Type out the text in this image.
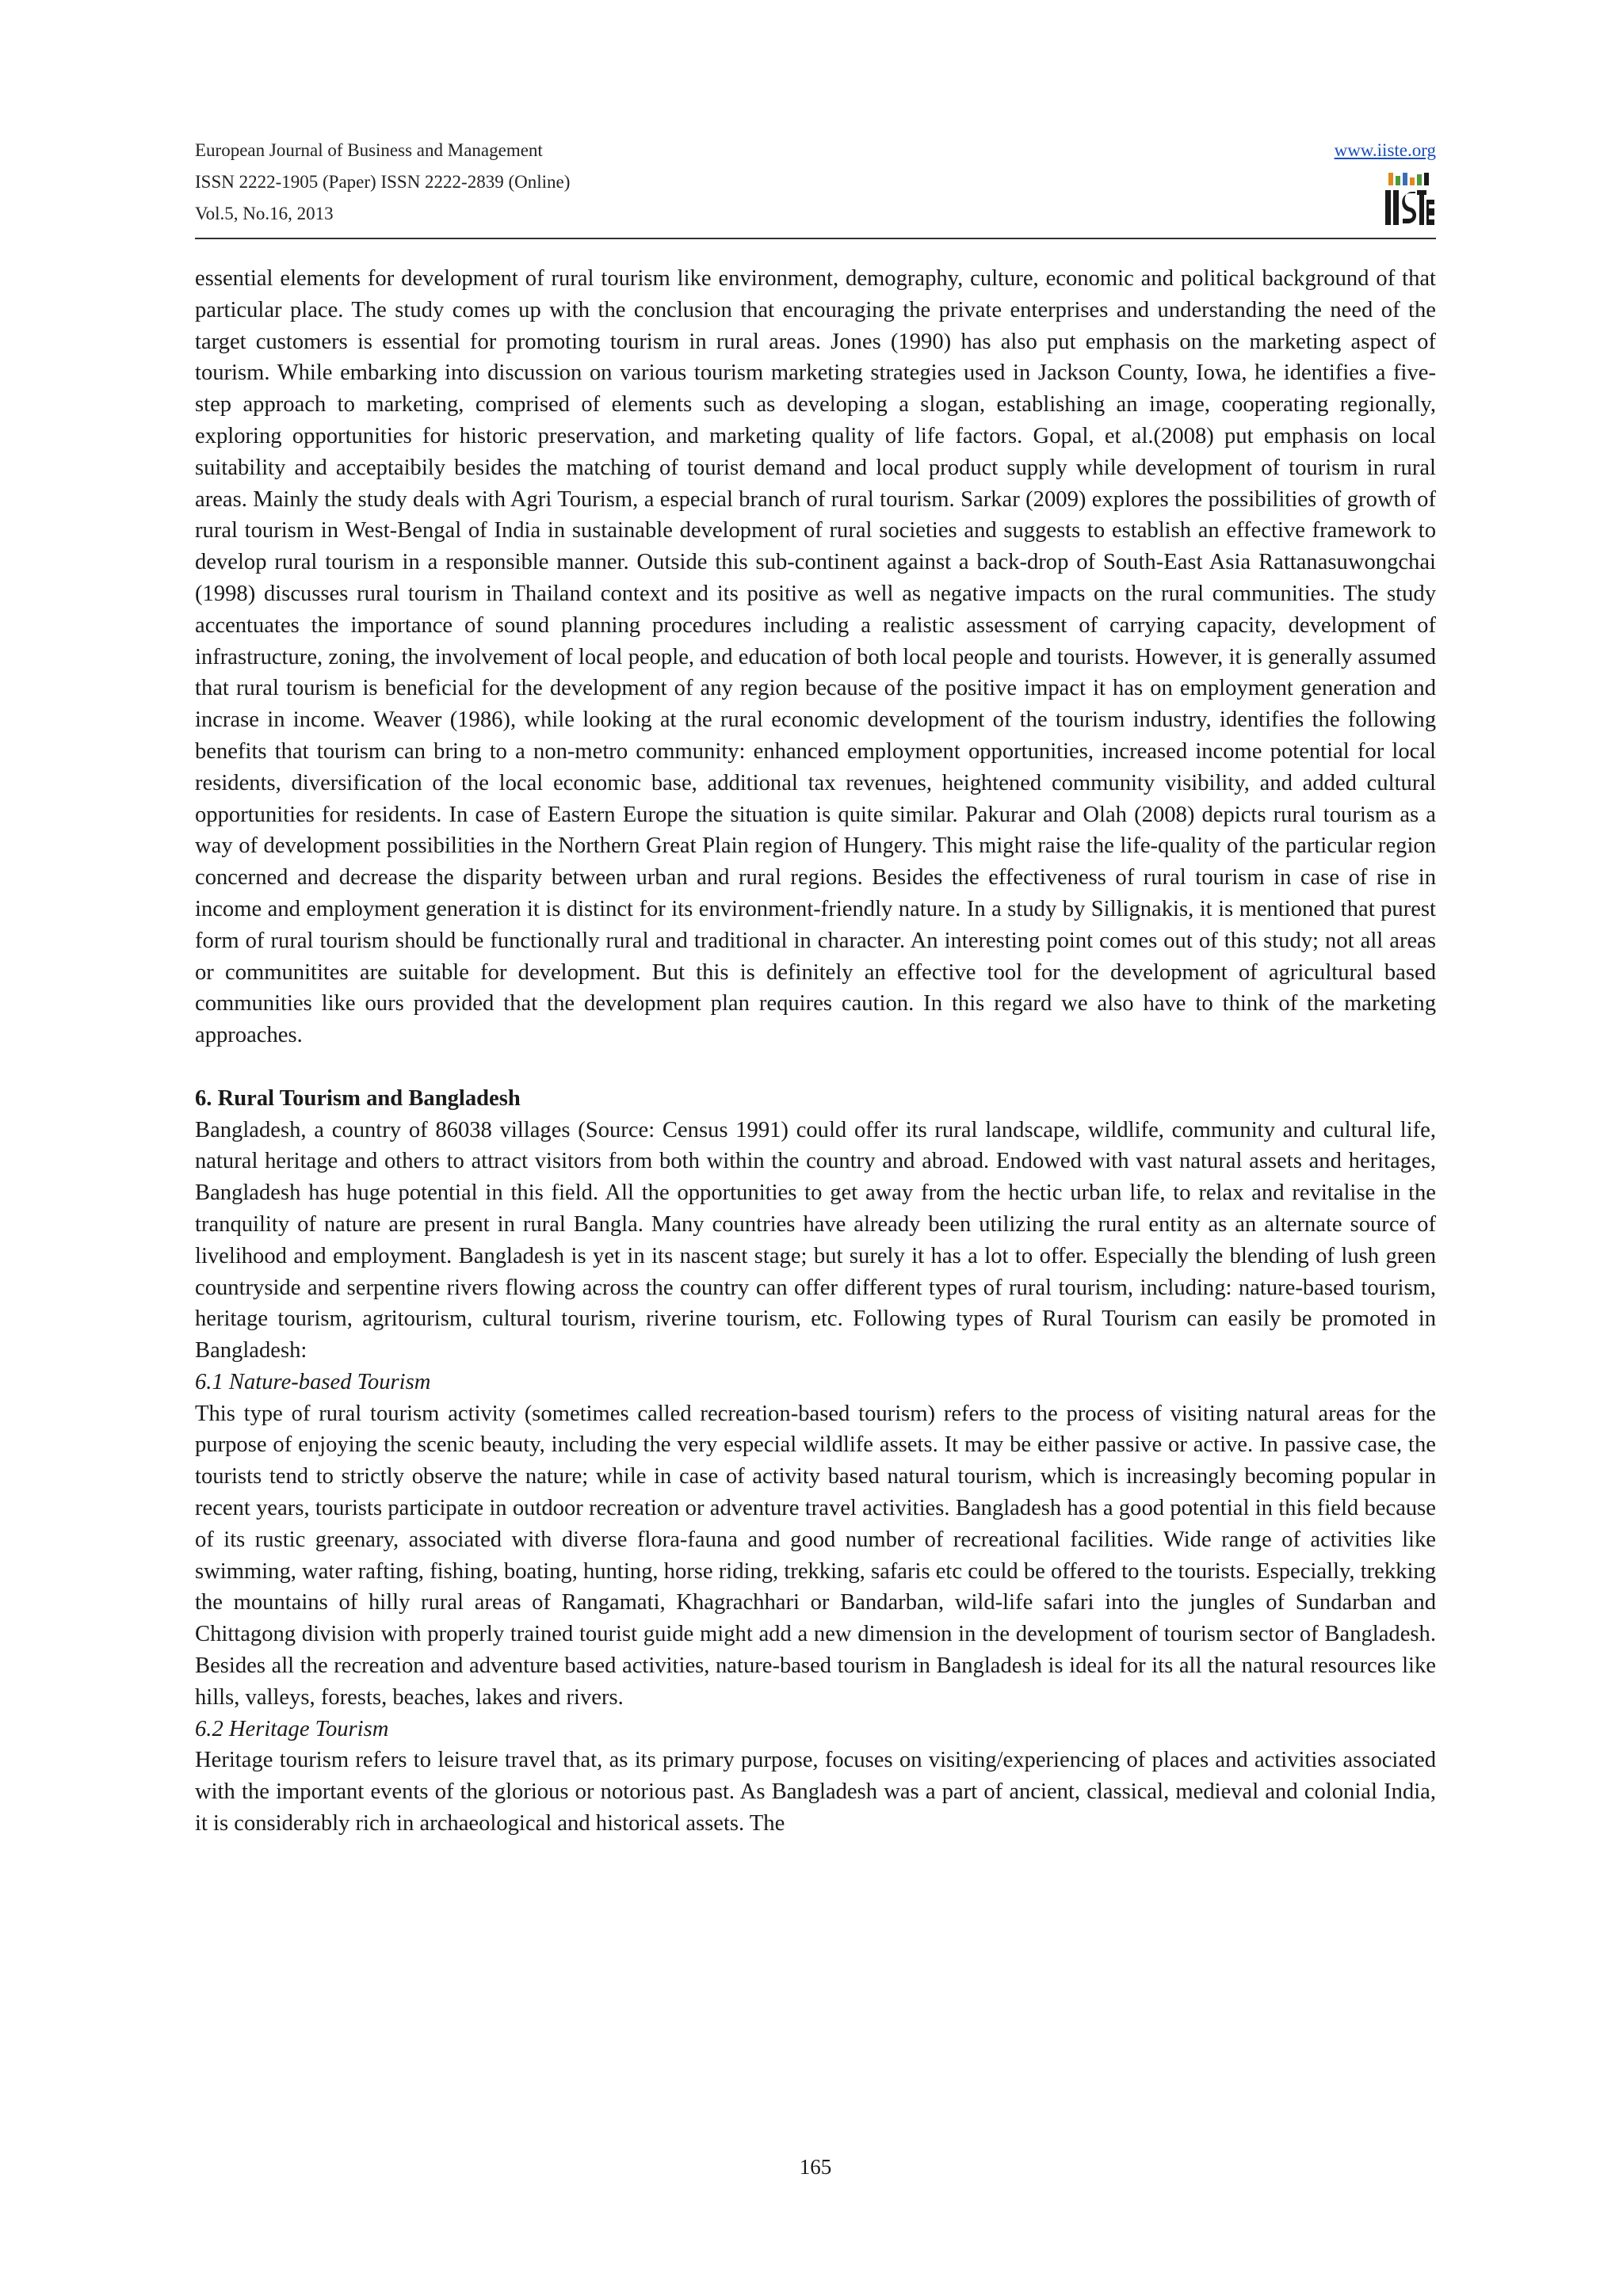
European Journal of Business and Management
ISSN 2222-1905 (Paper) ISSN 2222-2839 (Online)
Vol.5, No.16, 2013
www.iiste.org

essential elements for development of rural tourism like environment, demography, culture, economic and political background of that particular place. The study comes up with the conclusion that encouraging the private enterprises and understanding the need of the target customers is essential for promoting tourism in rural areas. Jones (1990) has also put emphasis on the marketing aspect of tourism. While embarking into discussion on various tourism marketing strategies used in Jackson County, Iowa, he identifies a five-step approach to marketing, comprised of elements such as developing a slogan, establishing an image, cooperating regionally, exploring opportunities for historic preservation, and marketing quality of life factors. Gopal, et al.(2008) put emphasis on local suitability and acceptaibily besides the matching of tourist demand and local product supply while development of tourism in rural areas. Mainly the study deals with Agri Tourism, a especial branch of rural tourism. Sarkar (2009) explores the possibilities of growth of rural tourism in West-Bengal of India in sustainable development of rural societies and suggests to establish an effective framework to develop rural tourism in a responsible manner. Outside this sub-continent against a back-drop of South-East Asia Rattanasuwongchai (1998) discusses rural tourism in Thailand context and its positive as well as negative impacts on the rural communities. The study accentuates the importance of sound planning procedures including a realistic assessment of carrying capacity, development of infrastructure, zoning, the involvement of local people, and education of both local people and tourists. However, it is generally assumed that rural tourism is beneficial for the development of any region because of the positive impact it has on employment generation and incrase in income. Weaver (1986), while looking at the rural economic development of the tourism industry, identifies the following benefits that tourism can bring to a non-metro community: enhanced employment opportunities, increased income potential for local residents, diversification of the local economic base, additional tax revenues, heightened community visibility, and added cultural opportunities for residents. In case of Eastern Europe the situation is quite similar. Pakurar and Olah (2008) depicts rural tourism as a way of development possibilities in the Northern Great Plain region of Hungery. This might raise the life-quality of the particular region concerned and decrease the disparity between urban and rural regions. Besides the effectiveness of rural tourism in case of rise in income and employment generation it is distinct for its environment-friendly nature. In a study by Sillignakis, it is mentioned that purest form of rural tourism should be functionally rural and traditional in character. An interesting point comes out of this study; not all areas or communitites are suitable for development. But this is definitely an effective tool for the development of agricultural based communities like ours provided that the development plan requires caution. In this regard we also have to think of the marketing approaches.

6. Rural Tourism and Bangladesh

Bangladesh, a country of 86038 villages (Source: Census 1991) could offer its rural landscape, wildlife, community and cultural life, natural heritage and others to attract visitors from both within the country and abroad. Endowed with vast natural assets and heritages, Bangladesh has huge potential in this field. All the opportunities to get away from the hectic urban life, to relax and revitalise in the tranquility of nature are present in rural Bangla. Many countries have already been utilizing the rural entity as an alternate source of livelihood and employment. Bangladesh is yet in its nascent stage; but surely it has a lot to offer. Especially the blending of lush green countryside and serpentine rivers flowing across the country can offer different types of rural tourism, including: nature-based tourism, heritage tourism, agritourism, cultural tourism, riverine tourism, etc. Following types of Rural Tourism can easily be promoted in Bangladesh:

6.1 Nature-based Tourism

This type of rural tourism activity (sometimes called recreation-based tourism) refers to the process of visiting natural areas for the purpose of enjoying the scenic beauty, including the very especial wildlife assets. It may be either passive or active. In passive case, the tourists tend to strictly observe the nature; while in case of activity based natural tourism, which is increasingly becoming popular in recent years, tourists participate in outdoor recreation or adventure travel activities. Bangladesh has a good potential in this field because of its rustic greenary, associated with diverse flora-fauna and good number of recreational facilities. Wide range of activities like swimming, water rafting, fishing, boating, hunting, horse riding, trekking, safaris etc could be offered to the tourists. Especially, trekking the mountains of hilly rural areas of Rangamati, Khagrachhari or Bandarban, wild-life safari into the jungles of Sundarban and Chittagong division with properly trained tourist guide might add a new dimension in the development of tourism sector of Bangladesh. Besides all the recreation and adventure based activities, nature-based tourism in Bangladesh is ideal for its all the natural resources like hills, valleys, forests, beaches, lakes and rivers.

6.2 Heritage Tourism

Heritage tourism refers to leisure travel that, as its primary purpose, focuses on visiting/experiencing of places and activities associated with the important events of the glorious or notorious past. As Bangladesh was a part of ancient, classical, medieval and colonial India, it is considerably rich in archaeological and historical assets. The

165
